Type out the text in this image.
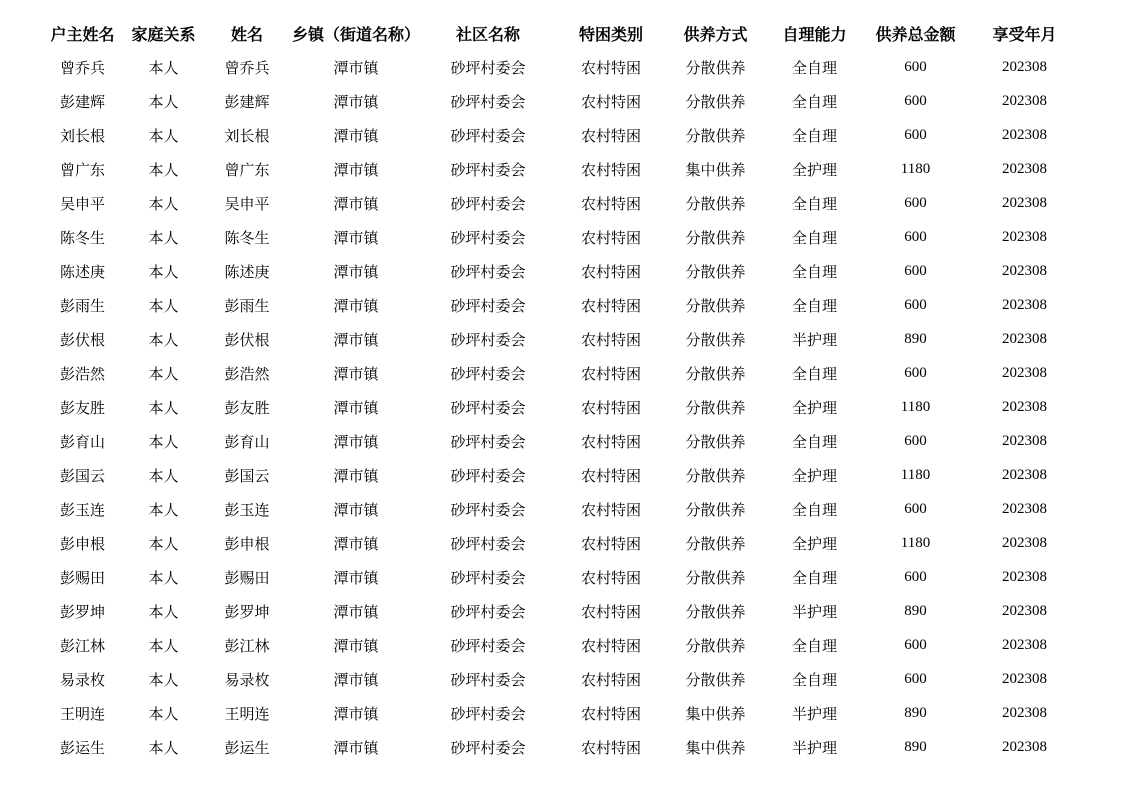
户主姓名	家庭关系	姓名	乡镇（街道名称）	社区名称	特困类别	供养方式	自理能力	供养总金额	享受年月
曾乔兵	本人	曾乔兵	潭市镇	砂坪村委会	农村特困	分散供养	全自理	600	202308
彭建辉	本人	彭建辉	潭市镇	砂坪村委会	农村特困	分散供养	全自理	600	202308
刘长根	本人	刘长根	潭市镇	砂坪村委会	农村特困	分散供养	全自理	600	202308
曾广东	本人	曾广东	潭市镇	砂坪村委会	农村特困	集中供养	全护理	1180	202308
吴申平	本人	吴申平	潭市镇	砂坪村委会	农村特困	分散供养	全自理	600	202308
陈冬生	本人	陈冬生	潭市镇	砂坪村委会	农村特困	分散供养	全自理	600	202308
陈述庚	本人	陈述庚	潭市镇	砂坪村委会	农村特困	分散供养	全自理	600	202308
彭雨生	本人	彭雨生	潭市镇	砂坪村委会	农村特困	分散供养	全自理	600	202308
彭伏根	本人	彭伏根	潭市镇	砂坪村委会	农村特困	分散供养	半护理	890	202308
彭浩然	本人	彭浩然	潭市镇	砂坪村委会	农村特困	分散供养	全自理	600	202308
彭友胜	本人	彭友胜	潭市镇	砂坪村委会	农村特困	分散供养	全护理	1180	202308
彭育山	本人	彭育山	潭市镇	砂坪村委会	农村特困	分散供养	全自理	600	202308
彭国云	本人	彭国云	潭市镇	砂坪村委会	农村特困	分散供养	全护理	1180	202308
彭玉连	本人	彭玉连	潭市镇	砂坪村委会	农村特困	分散供养	全自理	600	202308
彭申根	本人	彭申根	潭市镇	砂坪村委会	农村特困	分散供养	全护理	1180	202308
彭赐田	本人	彭赐田	潭市镇	砂坪村委会	农村特困	分散供养	全自理	600	202308
彭罗坤	本人	彭罗坤	潭市镇	砂坪村委会	农村特困	分散供养	半护理	890	202308
彭江林	本人	彭江林	潭市镇	砂坪村委会	农村特困	分散供养	全自理	600	202308
易录枚	本人	易录枚	潭市镇	砂坪村委会	农村特困	分散供养	全自理	600	202308
王明连	本人	王明连	潭市镇	砂坪村委会	农村特困	集中供养	半护理	890	202308
彭运生	本人	彭运生	潭市镇	砂坪村委会	农村特困	集中供养	半护理	890	202308
